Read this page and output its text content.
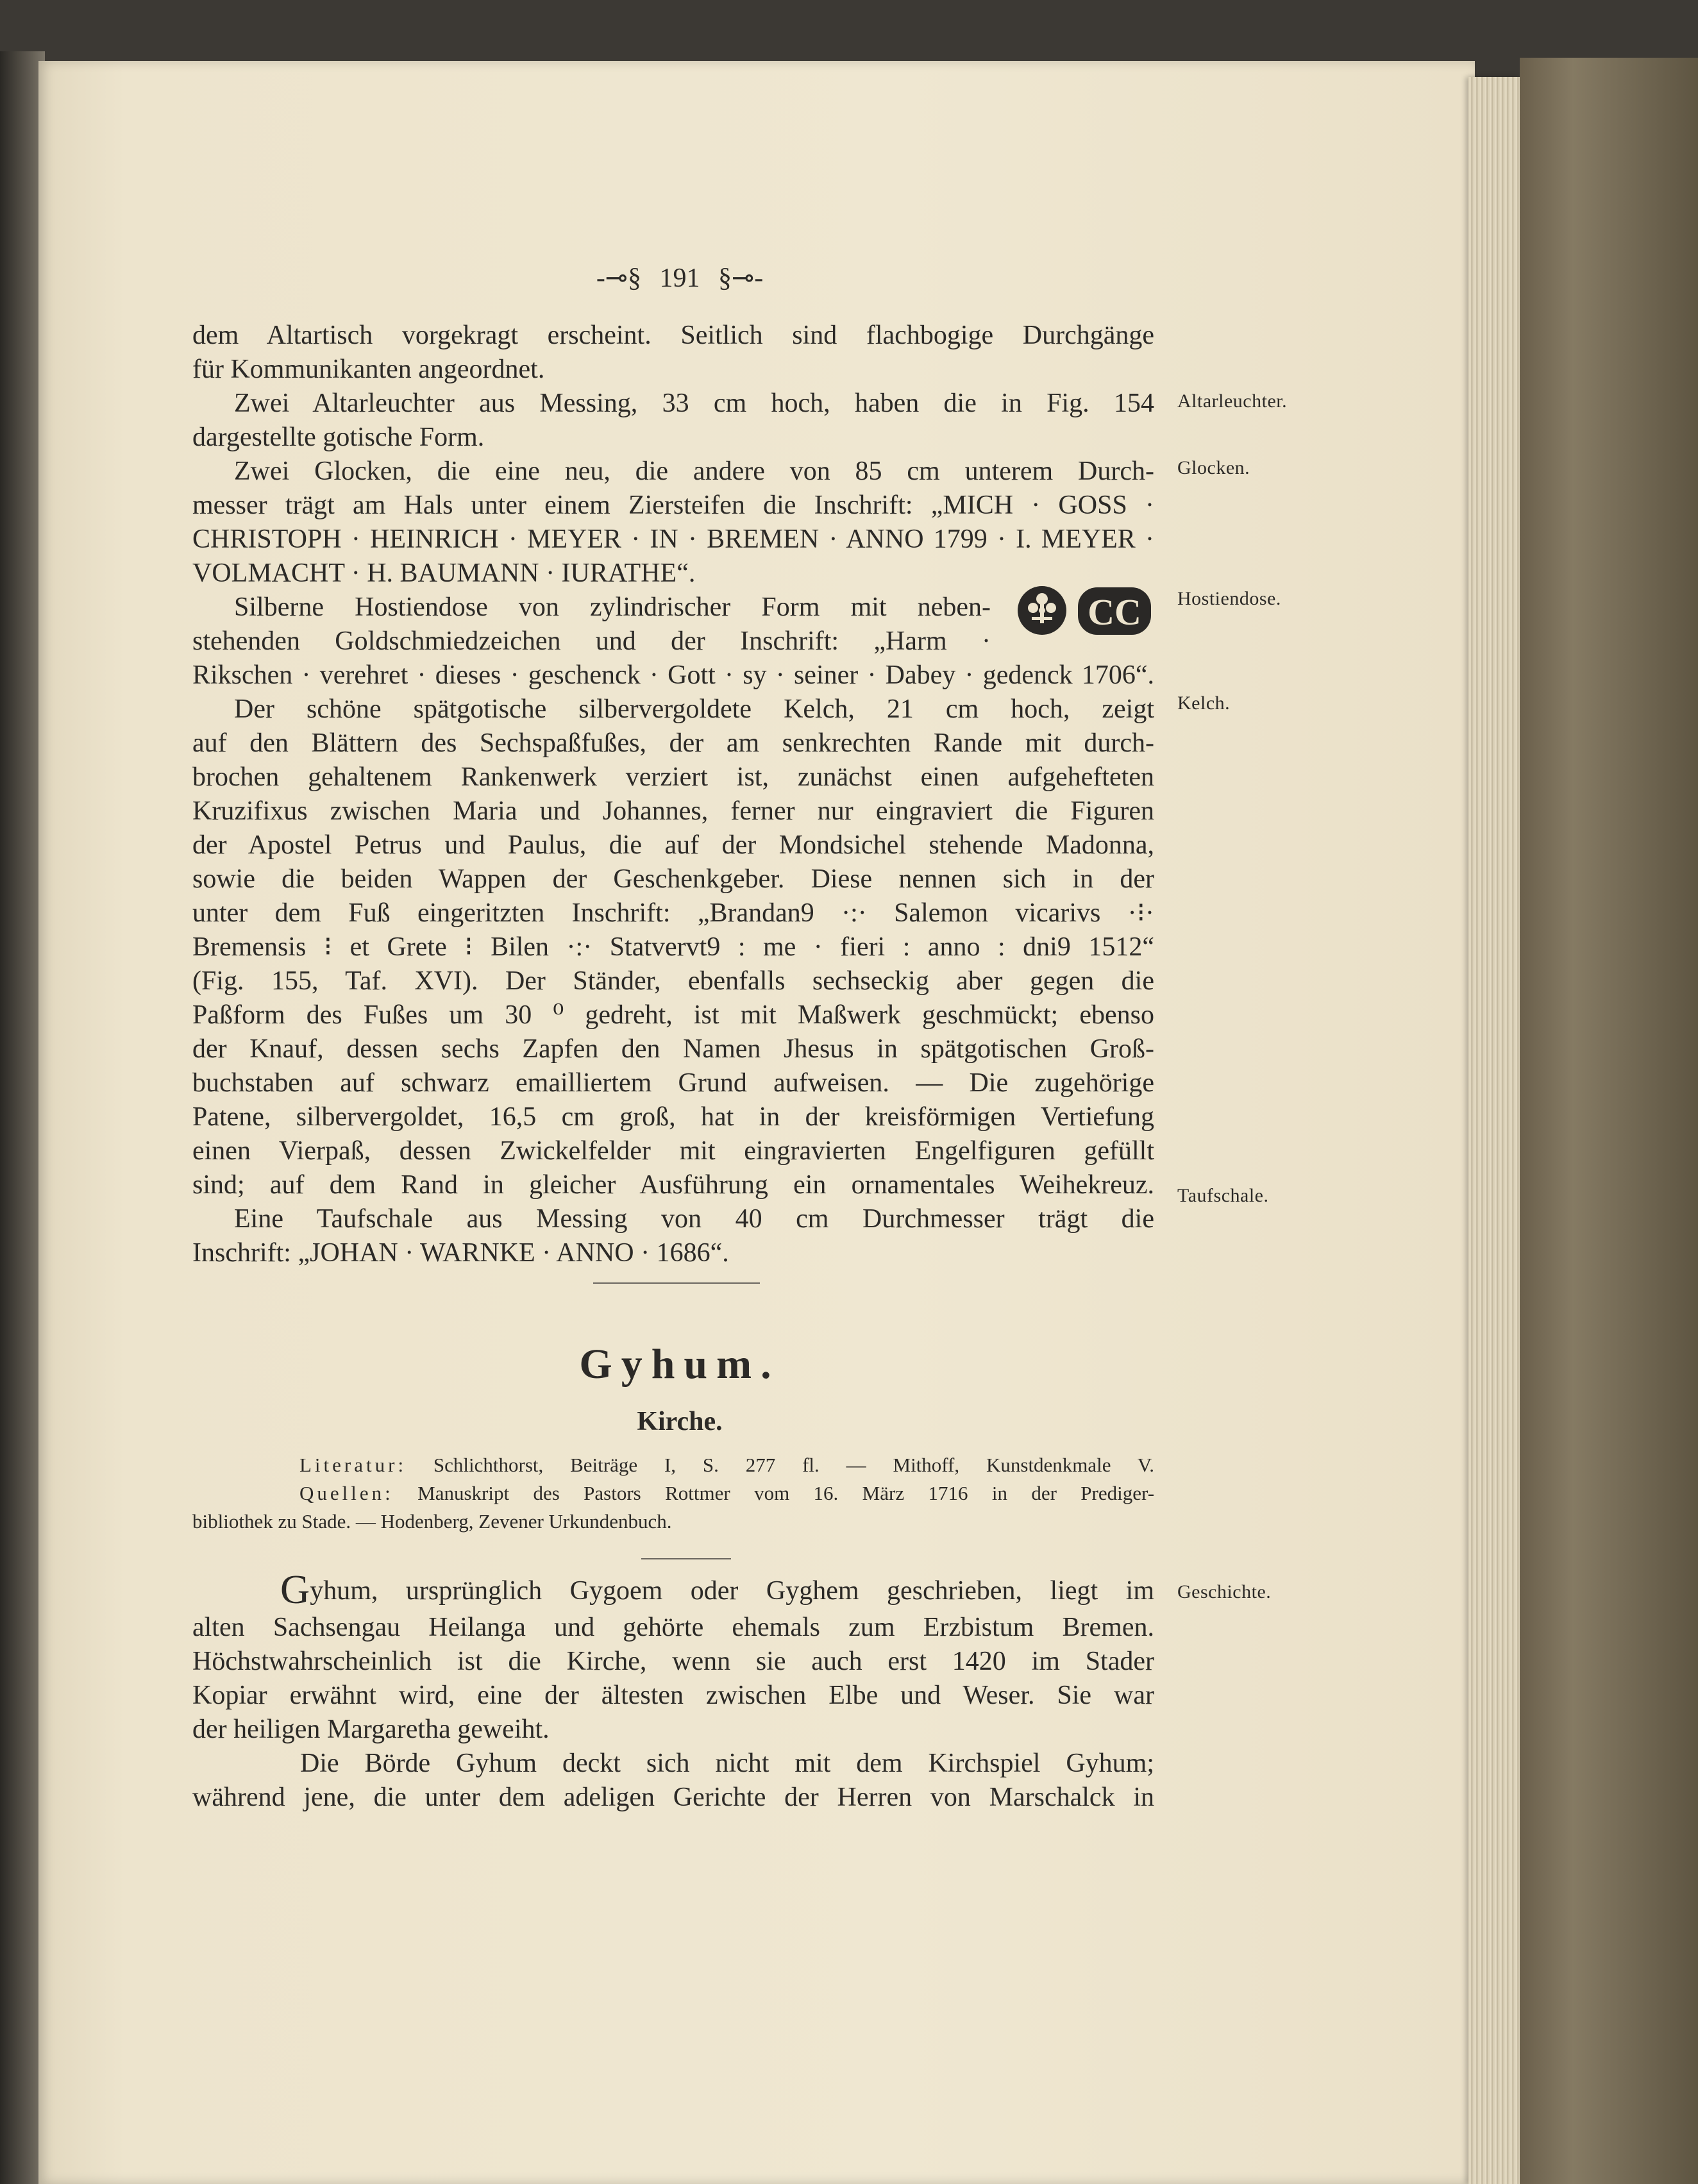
-⊸§ 191 §⊸-

dem Altartisch vorgekragt erscheint. Seitlich sind flachbogige Durchgänge

für Kommunikanten angeordnet.

Zwei Altarleuchter aus Messing, 33 cm hoch, haben die in Fig. 154

dargestellte gotische Form.

Zwei Glocken, die eine neu, die andere von 85 cm unterem Durch-

messer trägt am Hals unter einem Ziersteifen die Inschrift: „MICH · GOSS ·

CHRISTOPH · HEINRICH · MEYER · IN · BREMEN · ANNO 1799 · I. MEYER ·

VOLMACHT · H. BAUMANN · IURATHE“.

Silberne Hostiendose von zylindrischer Form mit neben-

stehenden Goldschmiedzeichen und der Inschrift: „Harm ·

Rikschen · verehret · dieses · geschenck · Gott · sy · seiner · Dabey · gedenck 1706“.

Der schöne spätgotische silbervergoldete Kelch, 21 cm hoch, zeigt

auf den Blättern des Sechspaßfußes, der am senkrechten Rande mit durch-

brochen gehaltenem Rankenwerk verziert ist, zunächst einen aufgehefteten

Kruzifixus zwischen Maria und Johannes, ferner nur eingraviert die Figuren

der Apostel Petrus und Paulus, die auf der Mondsichel stehende Madonna,

sowie die beiden Wappen der Geschenkgeber. Diese nennen sich in der

unter dem Fuß eingeritzten Inschrift: „Brandan9 ·:· Salemon vicarivs ·⁝·

Bremensis ⁝ et Grete ⁝ Bilen ·:· Statvervt9 : me · fieri : anno : dni9 1512“

(Fig. 155, Taf. XVI). Der Ständer, ebenfalls sechseckig aber gegen die

Paßform des Fußes um 30 ⁰ gedreht, ist mit Maßwerk geschmückt; ebenso

der Knauf, dessen sechs Zapfen den Namen Jhesus in spätgotischen Groß-

buchstaben auf schwarz emailliertem Grund aufweisen. — Die zugehörige

Patene, silbervergoldet, 16,5 cm groß, hat in der kreisförmigen Vertiefung

einen Vierpaß, dessen Zwickelfelder mit eingravierten Engelfiguren gefüllt

sind; auf dem Rand in gleicher Ausführung ein ornamentales Weihekreuz.

Eine Taufschale aus Messing von 40 cm Durchmesser trägt die

Inschrift: „JOHAN · WARNKE · ANNO · 1686“.

CC

Altarleuchter.

Glocken.

Hostiendose.

Kelch.

Taufschale.

Geschichte.

Gyhum.

Kirche.

Literatur: Schlichthorst, Beiträge I, S. 277 fl. — Mithoff, Kunstdenkmale V.

Quellen: Manuskript des Pastors Rottmer vom 16. März 1716 in der Prediger-

bibliothek zu Stade. — Hodenberg, Zevener Urkundenbuch.

Gyhum, ursprünglich Gygoem oder Gyghem geschrieben, liegt im

alten Sachsengau Heilanga und gehörte ehemals zum Erzbistum Bremen.

Höchstwahrscheinlich ist die Kirche, wenn sie auch erst 1420 im Stader

Kopiar erwähnt wird, eine der ältesten zwischen Elbe und Weser. Sie war

der heiligen Margaretha geweiht.

Die Börde Gyhum deckt sich nicht mit dem Kirchspiel Gyhum;

während jene, die unter dem adeligen Gerichte der Herren von Marschalck in
